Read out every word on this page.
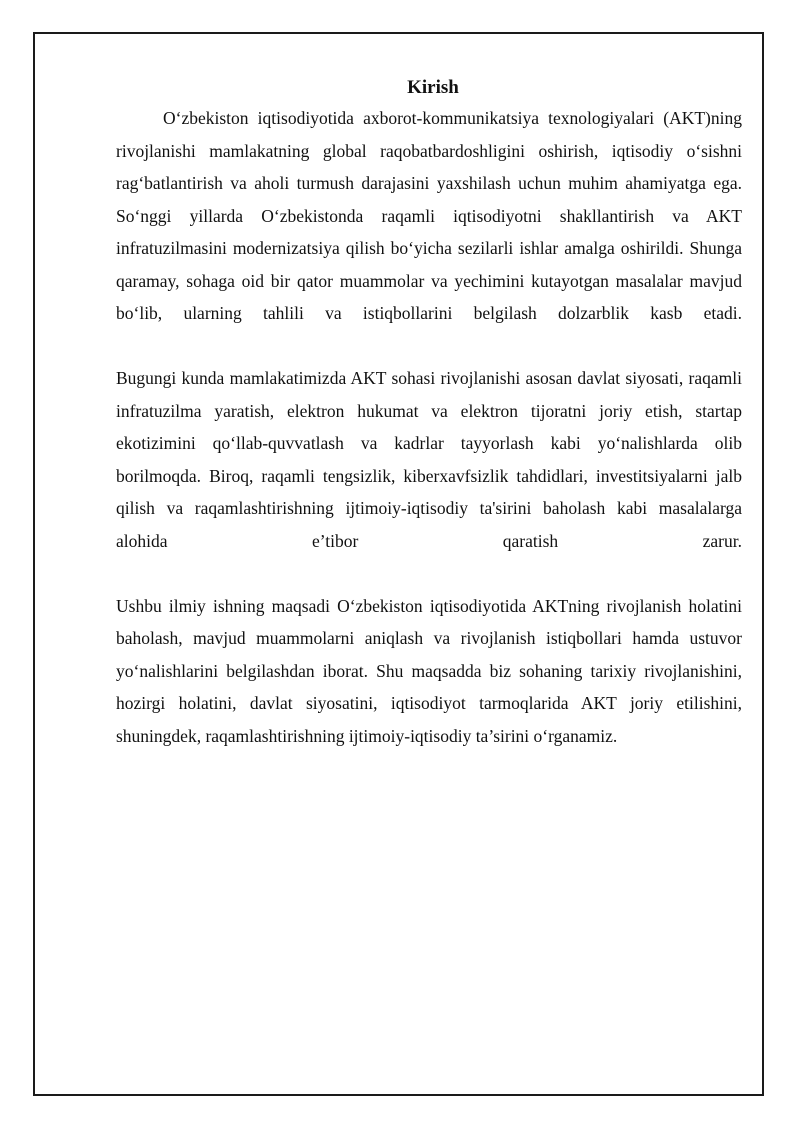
Kirish

O‘zbekiston iqtisodiyotida axborot-kommunikatsiya texnologiyalari (AKT)ning rivojlanishi mamlakatning global raqobatbardoshligini oshirish, iqtisodiy o‘sishni rag‘batlantirish va aholi turmush darajasini yaxshilash uchun muhim ahamiyatga ega. So‘nggi yillarda O‘zbekistonda raqamli iqtisodiyotni shakllantirish va AKT infratuzilmasini modernizatsiya qilish bo‘yicha sezilarli ishlar amalga oshirildi. Shunga qaramay, sohaga oid bir qator muammolar va yechimini kutayotgan masalalar mavjud bo‘lib, ularning tahlili va istiqbollarini belgilash dolzarblik kasb etadi.

Bugungi kunda mamlakatimizda AKT sohasi rivojlanishi asosan davlat siyosati, raqamli infratuzilma yaratish, elektron hukumat va elektron tijoratni joriy etish, startap ekotizimini qo‘llab-quvvatlash va kadrlar tayyorlash kabi yo‘nalishlarda olib borilmoqda. Biroq, raqamli tengsizlik, kiberxavfsizlik tahdidlari, investitsiyalarni jalb qilish va raqamlashtirishning ijtimoiy-iqtisodiy ta'sirini baholash kabi masalalarga alohida e’tibor qaratish zarur.

Ushbu ilmiy ishning maqsadi O‘zbekiston iqtisodiyotida AKTning rivojlanish holatini baholash, mavjud muammolarni aniqlash va rivojlanish istiqbollari hamda ustuvor yo‘nalishlarini belgilashdan iborat. Shu maqsadda biz sohaning tarixiy rivojlanishini, hozirgi holatini, davlat siyosatini, iqtisodiyot tarmoqlarida AKT joriy etilishini, shuningdek, raqamlashtirishning ijtimoiy-iqtisodiy ta’sirini o‘rganamiz.
